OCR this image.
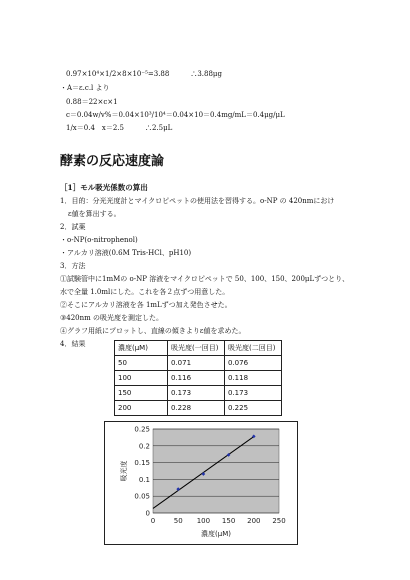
0.97×10⁴×1/2×8×10⁻⁵=3.88　　　∴3.88μg
・A＝ε.c.l より
0.88＝22×c×1
c＝0.04w/v%＝0.04×10³/10⁴＝0.04×10＝0.4mg/mL＝0.4μg/μL
1/x＝0.4　x＝2.5　　　∴2.5μL
酵素の反応速度論
［1］モル吸光係数の算出
1．目的：分光光度計とマイクロピペットの使用法を習得する。o-NP の 420nmにおけ
ε値を算出する。
2．試薬
・o-NP(o-nitrophenol)
・アルカリ溶液(0.6M Tris-HCl、pH10)
3．方法
①試験管中に1mMの o-NP 溶液をマイクロピペットで 50、100、150、200μLずつとり、
水で全量 1.0mlにした。これを各２点ずつ用意した。
②そこにアルカリ溶液を各 1mLずつ加え発色させた。
③420nm の吸光度を測定した。
④グラフ用紙にプロットし、直線の傾きよりε値を求めた。
4．結果	濃度(μM)	吸光度(一回目)	吸光度(二回目)
50	0.071	0.076
100	0.116	0.118
150	0.173	0.173
200	0.228	0.225
0
0.05
0.1
0.15
0.2
0.25
0	50 100 150 200 250
吸光度
濃度(μM)
